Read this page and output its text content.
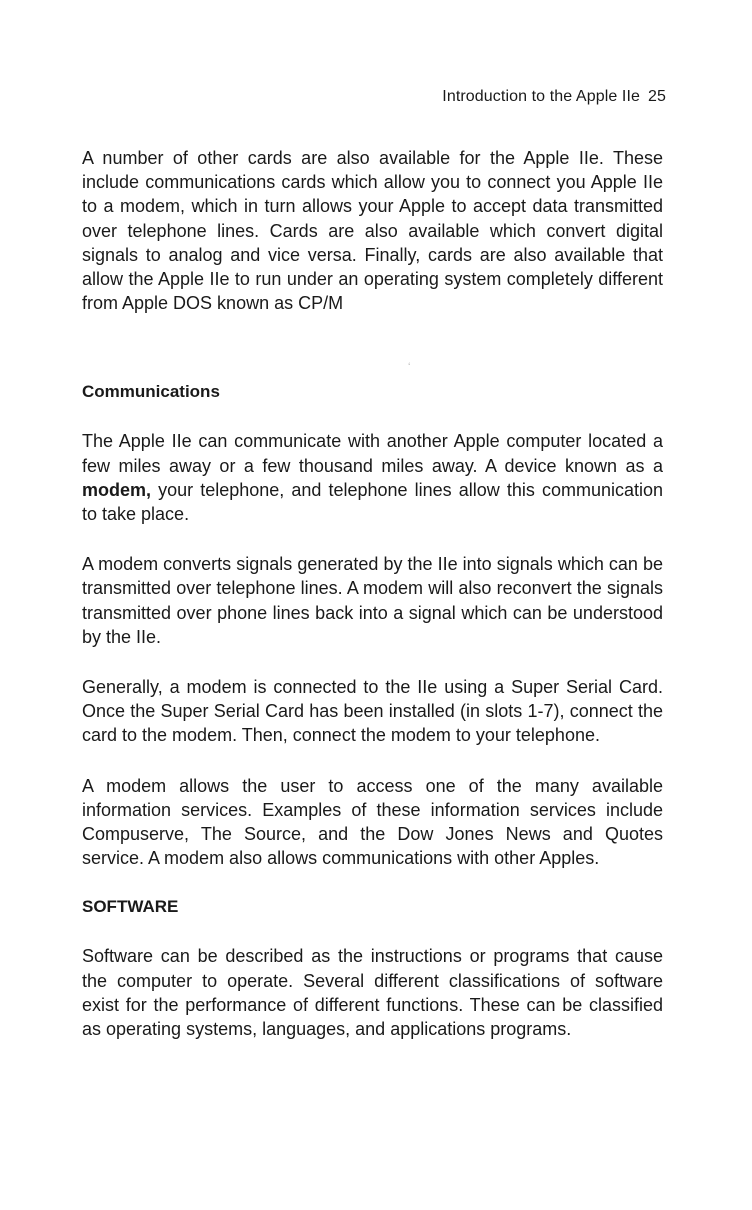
Introduction to the Apple IIe 25
‘

A number of other cards are also available for the Apple IIe. These include communications cards which allow you to connect you Apple IIe to a modem, which in turn allows your Apple to accept data transmitted over telephone lines. Cards are also available which convert digital signals to analog and vice versa. Finally, cards are also available that allow the Apple IIe to run under an operating system completely different from Apple DOS known as CP/M

Communications

The Apple IIe can communicate with another Apple computer located a few miles away or a few thousand miles away. A device known as a modem, your telephone, and telephone lines allow this communication to take place.

A modem converts signals generated by the IIe into signals which can be transmitted over telephone lines. A modem will also reconvert the signals transmitted over phone lines back into a signal which can be understood by the IIe.

Generally, a modem is connected to the IIe using a Super Serial Card. Once the Super Serial Card has been installed (in slots 1-7), connect the card to the modem. Then, connect the modem to your telephone.

A modem allows the user to access one of the many available information services. Examples of these information services include Compuserve, The Source, and the Dow Jones News and Quotes service. A modem also allows communications with other Apples.

SOFTWARE

Software can be described as the instructions or programs that cause the computer to operate. Several different classifications of software exist for the performance of different functions. These can be classified as operating systems, languages, and applications programs.
